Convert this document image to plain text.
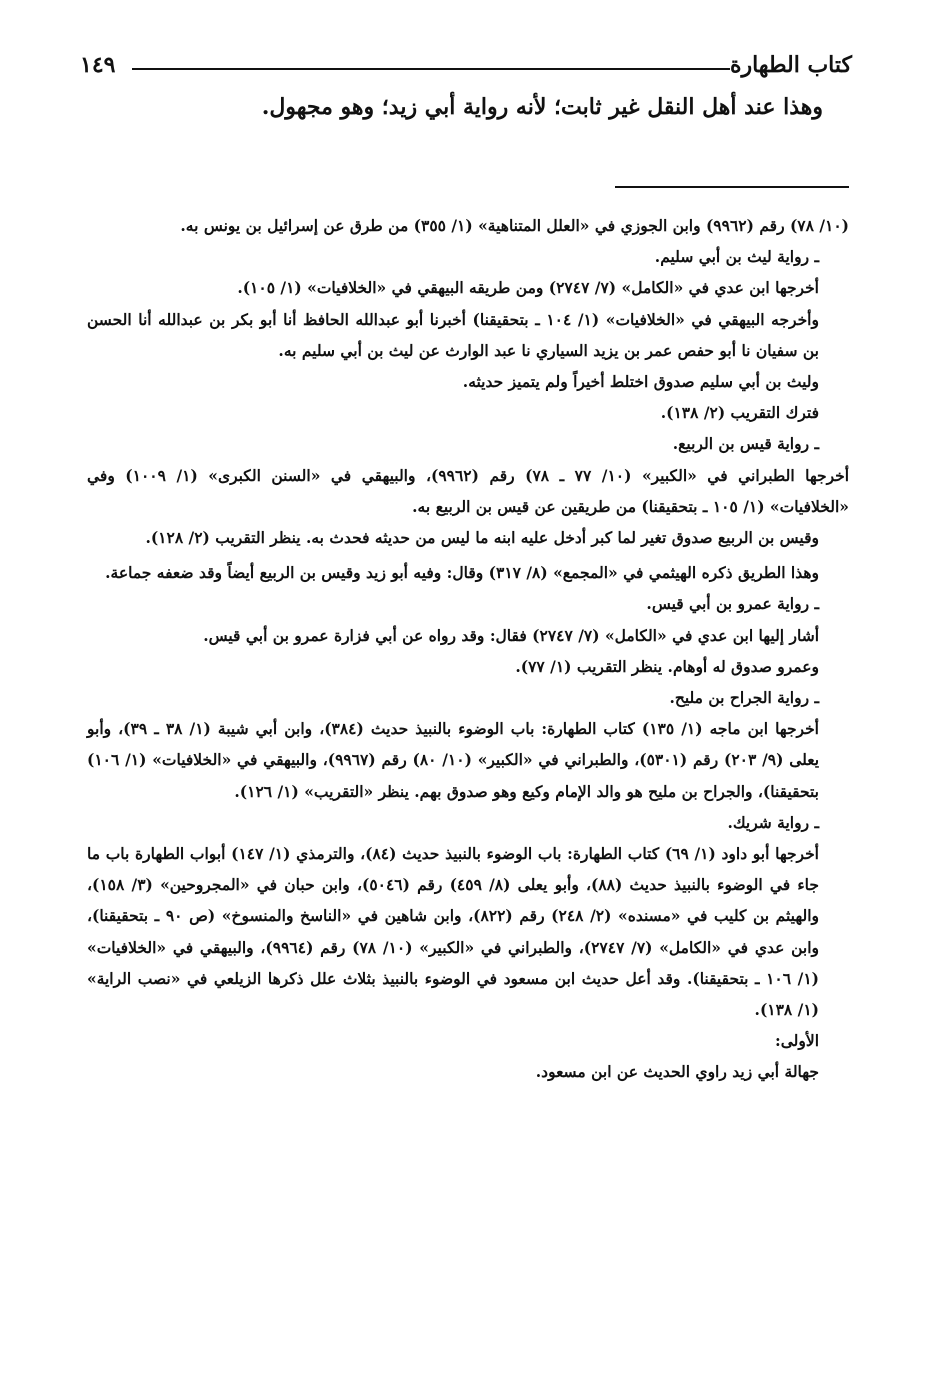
كتاب الطهارة
١٤٩
وهذا عند أهل النقل غير ثابت؛ لأنه رواية أبي زيد؛ وهو مجهول.

(١٠/ ٧٨) رقم (٩٩٦٢) وابن الجوزي في «العلل المتناهية» (١/ ٣٥٥) من طرق عن إسرائيل بن يونس به.

ـ رواية ليث بن أبي سليم.

أخرجها ابن عدي في «الكامل» (٧/ ٢٧٤٧) ومن طريقه البيهقي في «الخلافيات» (١/ ١٠٥).

وأخرجه البيهقي في «الخلافيات» (١/ ١٠٤ ـ بتحقيقنا) أخبرنا أبو عبدالله الحافظ أنا أبو بكر بن عبدالله أنا الحسن بن سفيان نا أبو حفص عمر بن يزيد السياري نا عبد الوارث عن ليث بن أبي سليم به.

وليث بن أبي سليم صدوق اختلط أخيراً ولم يتميز حديثه.

فترك التقريب (٢/ ١٣٨).

ـ رواية قيس بن الربيع.

أخرجها الطبراني في «الكبير» (١٠/ ٧٧ ـ ٧٨) رقم (٩٩٦٢)، والبيهقي في «السنن الكبرى» (١/ ١٠٠٩) وفي «الخلافيات» (١/ ١٠٥ ـ بتحقيقنا) من طريقين عن قيس بن الربيع به.

وقيس بن الربيع صدوق تغير لما كبر أدخل عليه ابنه ما ليس من حديثه فحدث به. ينظر التقريب (٢/ ١٢٨).

وهذا الطريق ذكره الهيثمي في «المجمع» (٨/ ٣١٧) وقال: وفيه أبو زيد وقيس بن الربيع أيضاً وقد ضعفه جماعة.

ـ رواية عمرو بن أبي قيس.

أشار إليها ابن عدي في «الكامل» (٧/ ٢٧٤٧) فقال: وقد رواه عن أبي فزارة عمرو بن أبي قيس.

وعمرو صدوق له أوهام. ينظر التقريب (١/ ٧٧).

ـ رواية الجراح بن مليح.

أخرجها ابن ماجه (١/ ١٣٥) كتاب الطهارة: باب الوضوء بالنبيذ حديث (٣٨٤)، وابن أبي شيبة (١/ ٣٨ ـ ٣٩)، وأبو يعلى (٩/ ٢٠٣) رقم (٥٣٠١)، والطبراني في «الكبير» (١٠/ ٨٠) رقم (٩٩٦٧)، والبيهقي في «الخلافيات» (١/ ١٠٦) بتحقيقنا)، والجراح بن مليح هو والد الإمام وكيع وهو صدوق بهم. ينظر «التقريب» (١/ ١٢٦).

ـ رواية شريك.

أخرجها أبو داود (١/ ٦٩) كتاب الطهارة: باب الوضوء بالنبيذ حديث (٨٤)، والترمذي (١/ ١٤٧) أبواب الطهارة باب ما جاء في الوضوء بالنبيذ حديث (٨٨)، وأبو يعلى (٨/ ٤٥٩) رقم (٥٠٤٦)، وابن حبان في «المجروحين» (٣/ ١٥٨)، والهيثم بن كليب في «مسنده» (٢/ ٢٤٨) رقم (٨٢٢)، وابن شاهين في «الناسخ والمنسوخ» (ص ٩٠ ـ بتحقيقنا)، وابن عدي في «الكامل» (٧/ ٢٧٤٧)، والطبراني في «الكبير» (١٠/ ٧٨) رقم (٩٩٦٤)، والبيهقي في «الخلافيات» (١/ ١٠٦ ـ بتحقيقنا). وقد أعل حديث ابن مسعود في الوضوء بالنبيذ بثلاث علل ذكرها الزيلعي في «نصب الراية» (١/ ١٣٨).

الأولى:

جهالة أبي زيد راوي الحديث عن ابن مسعود.
